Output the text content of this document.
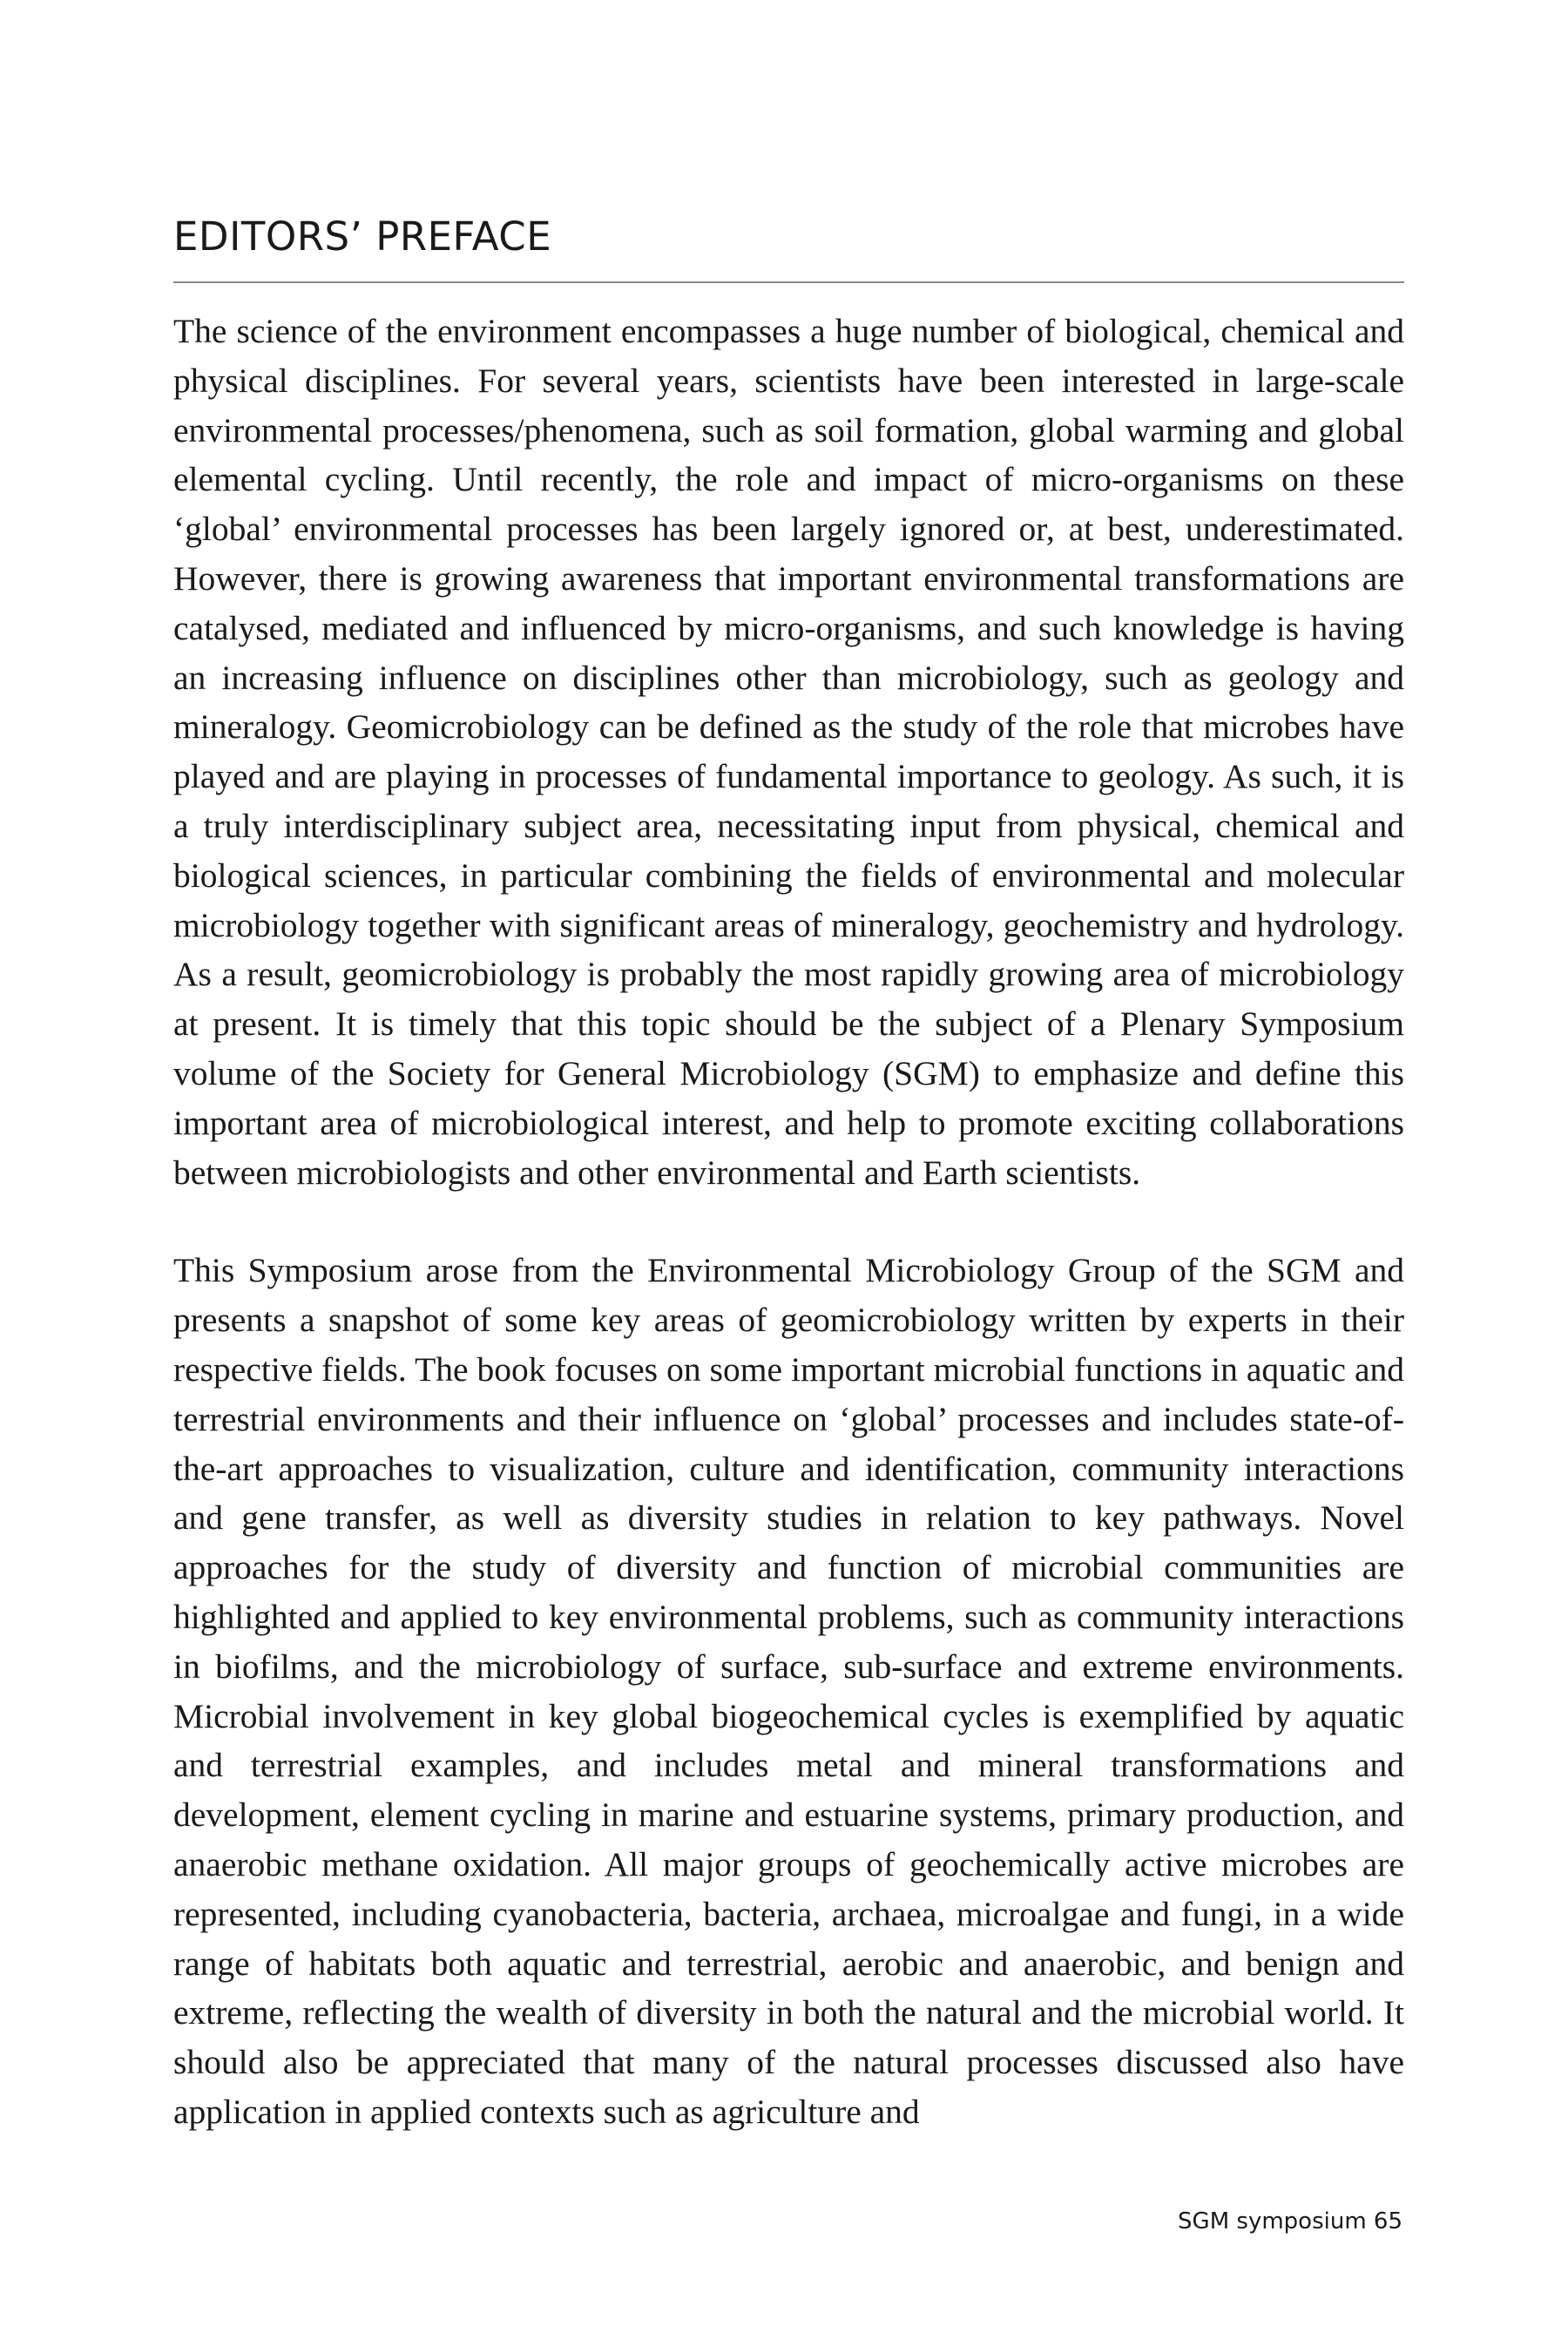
EDITORS’ PREFACE

The science of the environment encompasses a huge number of biological, chemical and physical disciplines. For several years, scientists have been interested in large-scale environmental processes/phenomena, such as soil formation, global warming and global elemental cycling. Until recently, the role and impact of micro-organisms on these ‘global’ environmental processes has been largely ignored or, at best, underestimated. However, there is growing awareness that important environmental transformations are catalysed, mediated and influenced by micro-organisms, and such knowledge is having an increasing influence on disciplines other than microbiology, such as geology and mineralogy. Geomicrobiology can be defined as the study of the role that microbes have played and are playing in processes of fundamental importance to geology. As such, it is a truly interdisciplinary subject area, necessitating input from physical, chemical and biological sciences, in particular combining the fields of environmental and molecular microbiology together with significant areas of mineralogy, geochemistry and hydrology. As a result, geomicrobiology is probably the most rapidly growing area of microbiology at present. It is timely that this topic should be the subject of a Plenary Symposium volume of the Society for General Microbiology (SGM) to emphasize and define this important area of microbiological interest, and help to promote exciting collaborations between microbiologists and other environmental and Earth scientists.

This Symposium arose from the Environmental Microbiology Group of the SGM and presents a snapshot of some key areas of geomicrobiology written by experts in their respective fields. The book focuses on some important microbial functions in aquatic and terrestrial environments and their influence on ‘global’ processes and includes state-of-the-art approaches to visualization, culture and identification, community interactions and gene transfer, as well as diversity studies in relation to key pathways. Novel approaches for the study of diversity and function of microbial communities are highlighted and applied to key environmental problems, such as community interactions in biofilms, and the microbiology of surface, sub-surface and extreme environments. Microbial involvement in key global biogeochemical cycles is exemplified by aquatic and terrestrial examples, and includes metal and mineral transformations and development, element cycling in marine and estuarine systems, primary production, and anaerobic methane oxidation. All major groups of geochemically active microbes are represented, including cyanobacteria, bacteria, archaea, microalgae and fungi, in a wide range of habitats both aquatic and terrestrial, aerobic and anaerobic, and benign and extreme, reflecting the wealth of diversity in both the natural and the microbial world. It should also be appreciated that many of the natural processes discussed also have application in applied contexts such as agriculture and

SGM symposium 65
